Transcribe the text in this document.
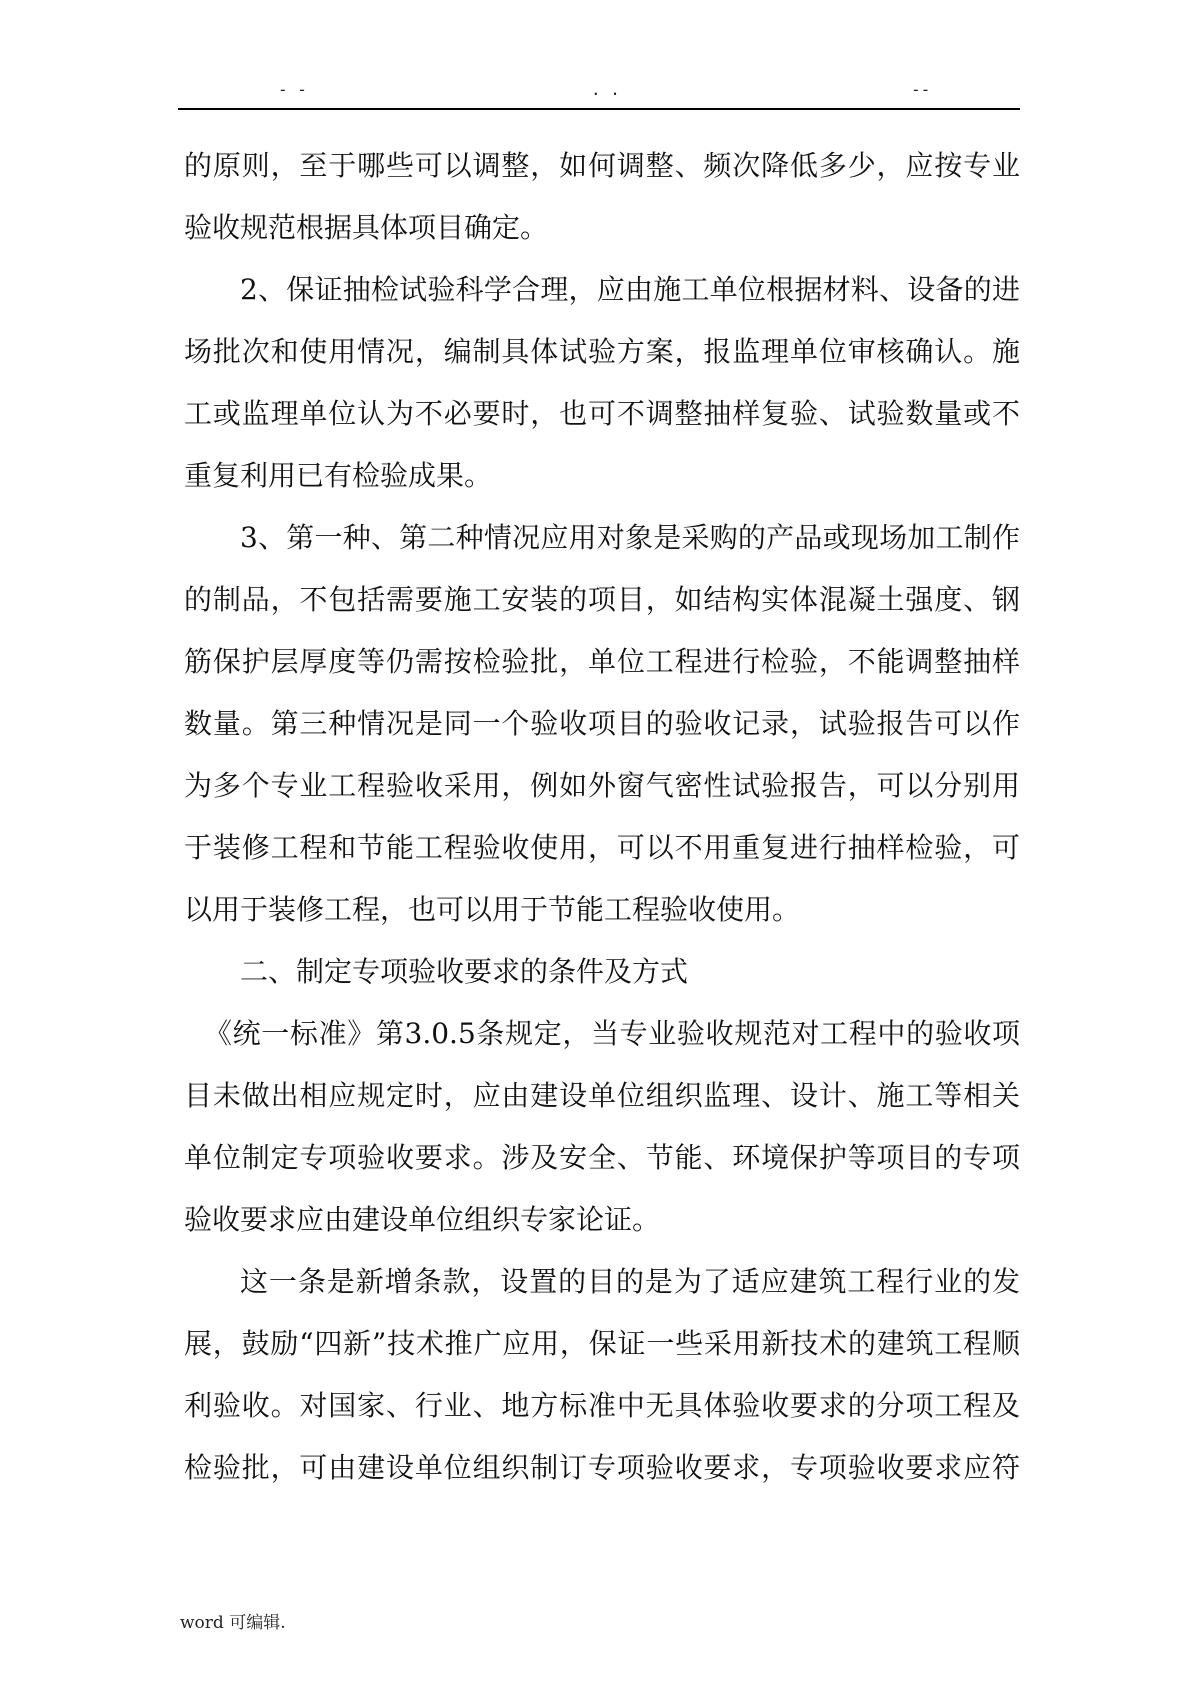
- -	. .	--
的原则，至于哪些可以调整，如何调整、频次降低多少，应按专业
验收规范根据具体项目确定。
2、保证抽检试验科学合理，应由施工单位根据材料、设备的进
场批次和使用情况，编制具体试验方案，报监理单位审核确认。施
工或监理单位认为不必要时，也可不调整抽样复验、试验数量或不
重复利用已有检验成果。
3、第一种、第二种情况应用对象是采购的产品或现场加工制作
的制品，不包括需要施工安装的项目，如结构实体混凝土强度、钢
筋保护层厚度等仍需按检验批，单位工程进行检验，不能调整抽样
数量。第三种情况是同一个验收项目的验收记录，试验报告可以作
为多个专业工程验收采用，例如外窗气密性试验报告，可以分别用
于装修工程和节能工程验收使用，可以不用重复进行抽样检验，可
以用于装修工程，也可以用于节能工程验收使用。
二、制定专项验收要求的条件及方式
《统一标准》第3.0.5条规定，当专业验收规范对工程中的验收项
目未做出相应规定时，应由建设单位组织监理、设计、施工等相关
单位制定专项验收要求。涉及安全、节能、环境保护等项目的专项
验收要求应由建设单位组织专家论证。
这一条是新增条款，设置的目的是为了适应建筑工程行业的发
展，鼓励“四新”技术推广应用，保证一些采用新技术的建筑工程顺
利验收。对国家、行业、地方标准中无具体验收要求的分项工程及
检验批，可由建设单位组织制订专项验收要求，专项验收要求应符
word 可编辑.
